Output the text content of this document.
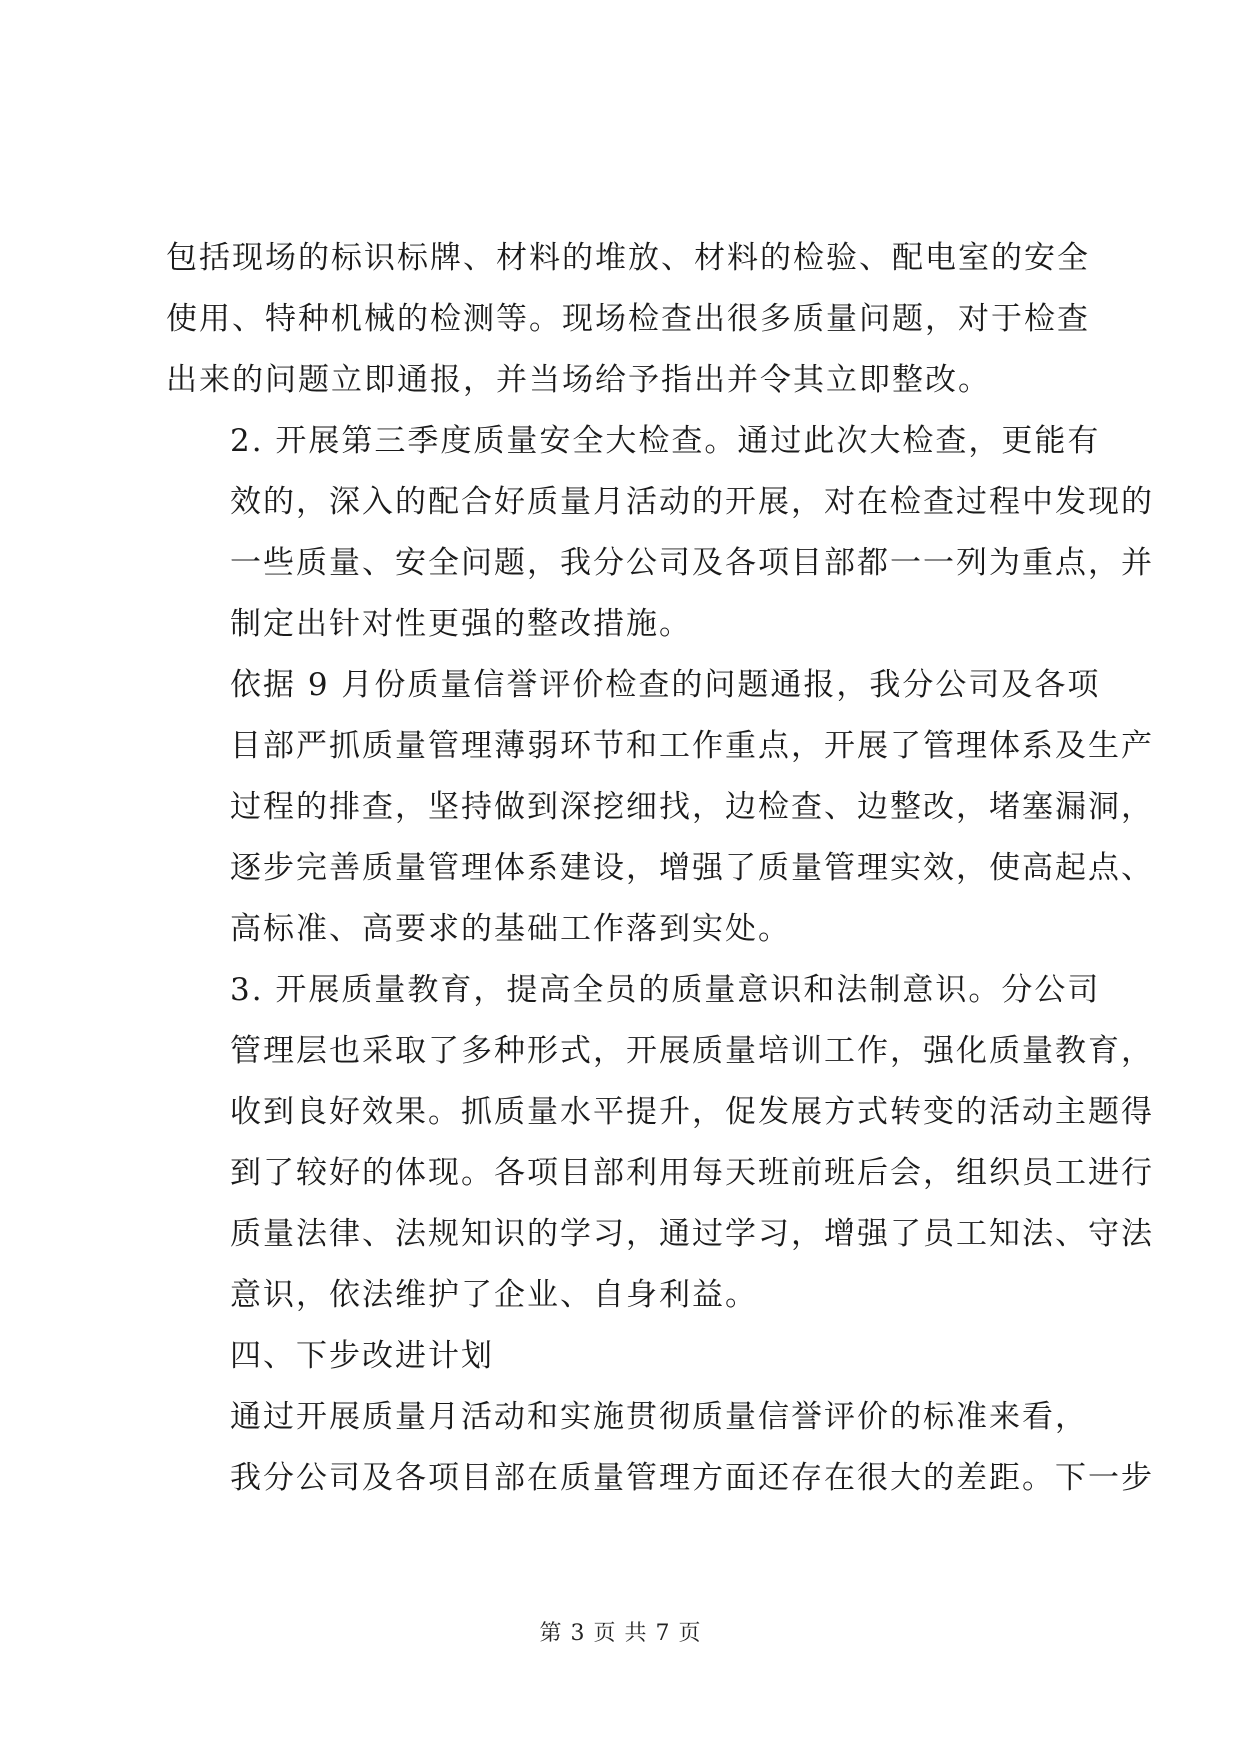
包括现场的标识标牌、材料的堆放、材料的检验、配电室的安全
使用、特种机械的检测等。现场检查出很多质量问题，对于检查
出来的问题立即通报，并当场给予指出并令其立即整改。

2. 开展第三季度质量安全大检查。通过此次大检查，更能有
效的，深入的配合好质量月活动的开展，对在检查过程中发现的
一些质量、安全问题，我分公司及各项目部都一一列为重点，并
制定出针对性更强的整改措施。

依据 9 月份质量信誉评价检查的问题通报，我分公司及各项
目部严抓质量管理薄弱环节和工作重点，开展了管理体系及生产
过程的排查，坚持做到深挖细找，边检查、边整改，堵塞漏洞，
逐步完善质量管理体系建设，增强了质量管理实效，使高起点、
高标准、高要求的基础工作落到实处。

3. 开展质量教育，提高全员的质量意识和法制意识。分公司
管理层也采取了多种形式，开展质量培训工作，强化质量教育，
收到良好效果。抓质量水平提升，促发展方式转变的活动主题得
到了较好的体现。各项目部利用每天班前班后会，组织员工进行
质量法律、法规知识的学习，通过学习，增强了员工知法、守法
意识，依法维护了企业、自身利益。

四、下步改进计划

通过开展质量月活动和实施贯彻质量信誉评价的标准来看，
我分公司及各项目部在质量管理方面还存在很大的差距。下一步

第 3 页 共 7 页
